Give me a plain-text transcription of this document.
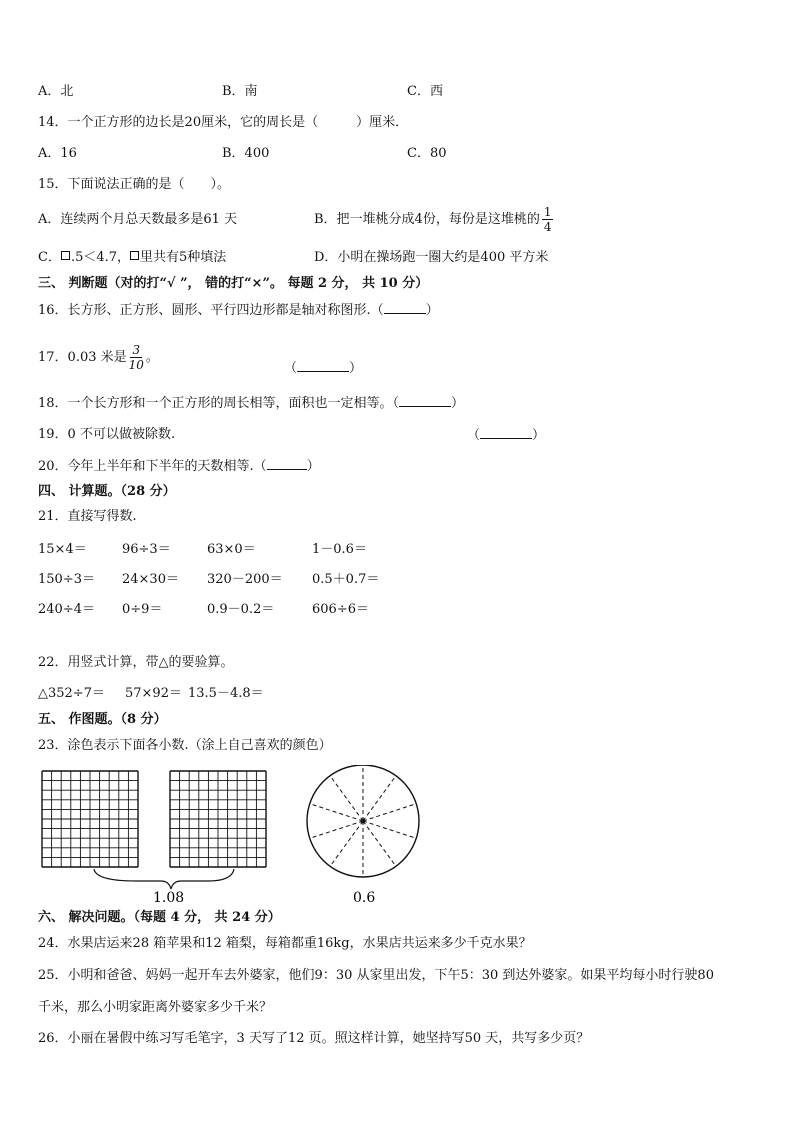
A．北	B．南	C．西
14．一个正方形的边长是20厘米，它的周长是（	）厘米．
A．16	B．400	C．80
15．下面说法正确的是（　　）。
A．连续两个月总天数最多是61 天	B．把一堆桃分成4份，每份是这堆桃的 $\frac{1}{4}$
C． .5＜4.7， 里共有5种填法	D．小明在操场跑一圈大约是400 平方米
三、 判断题（对的打“√ ”， 错的打“×”。 每题 2 分， 共 10 分）
16．长方形、正方形、圆形、平行四边形都是轴对称图形.（	）
17．0.03 米是 $\frac{3}{10}$ 。
（	）
18．一个长方形和一个正方形的周长相等，面积也一定相等。（	）
19．0 不可以做被除数.	（	）
20．今年上半年和下半年的天数相等.（	）
四、 计算题。（28 分）
21．直接写得数.
15×4＝	96÷3＝	63×0＝	1－0.6＝
150÷3＝ 24×30＝ 320－200＝ 0.5＋0.7＝
240÷4＝ 0÷9＝	0.9－0.2＝	606÷6＝
22．用竖式计算，带△的要验算。
△352÷7＝ 57×92＝ 13.5－4.8＝
五、 作图题。（8 分）
23．涂色表示下面各小数.（涂上自己喜欢的颜色）
1.08	0.6
六、 解决问题。（每题 4 分， 共 24 分）
24．水果店运来28 箱苹果和12 箱梨，每箱都重16kg，水果店共运来多少千克水果？
25．小明和爸爸、妈妈一起开车去外婆家，他们9：30 从家里出发，下午5：30 到达外婆家。如果平均每小时行驶80
千米，那么小明家距离外婆家多少千米？
26．小丽在暑假中练习写毛笔字，3 天写了12 页。照这样计算，她坚持写50 天，共写多少页？
